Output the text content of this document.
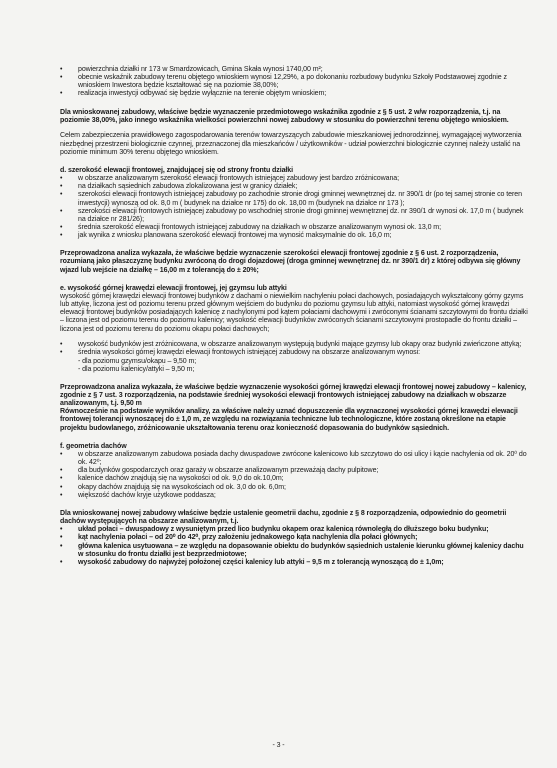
• powierzchnia działki nr 173 w Smardzowicach, Gmina Skała wynosi 1740,00 m²;
• obecnie wskaźnik zabudowy terenu objętego wnioskiem wynosi 12,29%, a po dokonaniu rozbudowy budynku Szkoły Podstawowej zgodnie z wnioskiem Inwestora będzie kształtować się na poziomie 38,00%;
• realizacja inwestycji odbywać się będzie wyłącznie na terenie objętym wnioskiem;

Dla wnioskowanej zabudowy, właściwe będzie wyznaczenie przedmiotowego wskaźnika zgodnie z § 5 ust. 2 w/w rozporządzenia, t.j. na poziomie 38,00%, jako innego wskaźnika wielkości powierzchni nowej zabudowy w stosunku do powierzchni terenu objętego wnioskiem.

Celem zabezpieczenia prawidłowego zagospodarowania terenów towarzyszących zabudowie mieszkaniowej jednorodzinnej, wymagającej wytworzenia niezbędnej przestrzeni biologicznie czynnej, przeznaczonej dla mieszkańców / użytkowników - udział powierzchni biologicznie czynnej należy ustalić na poziomie minimum 30% terenu objętego wnioskiem.

d. szerokość elewacji frontowej, znajdującej się od strony frontu działki

• w obszarze analizowanym szerokość elewacji frontowych istniejącej zabudowy jest bardzo zróżnicowana;
• na działkach sąsiednich zabudowa zlokalizowana jest w granicy działek;
• szerokości elewacji frontowych istniejącej zabudowy po zachodnie stronie drogi gminnej wewnętrznej dz. nr 390/1 dr (po tej samej stronie co teren inwestycji) wynoszą od ok. 8,0 m ( budynek na działce nr 175) do ok. 18,00 m (budynek na działce nr 173 );
• szerokości elewacji frontowych istniejącej zabudowy po wschodniej stronie drogi gminnej wewnętrznej dz. nr 390/1 dr wynosi ok. 17,0 m ( budynek na działce nr 281/26);
• średnia szerokość elewacji frontowych istniejącej zabudowy na działkach w obszarze analizowanym wynosi ok. 13,0 m;
• jak wynika z wniosku planowana szerokość elewacji frontowej ma wynosić maksymalnie do ok. 16,0 m;

Przeprowadzona analiza wykazała, że właściwe będzie wyznaczenie szerokości elewacji frontowej zgodnie z § 6 ust. 2 rozporządzenia, rozumianą jako płaszczyznę budynku zwróconą do drogi dojazdowej (droga gminnej wewnętrznej dz. nr 390/1 dr) z której odbywa się główny wjazd lub wejście na działkę – 16,00 m z tolerancją do ± 20%;

e. wysokość górnej krawędzi elewacji frontowej, jej gzymsu lub attyki

wysokość górnej krawędzi elewacji frontowej budynków z dachami o niewielkim nachyleniu połaci dachowych, posiadających wykształcony górny gzyms lub attykę, liczona jest od poziomu terenu przed głównym wejściem do budynku do poziomu gzymsu lub attyki, natomiast wysokość górnej krawędzi elewacji frontowej budynków posiadających kalenicę z nachylonymi pod kątem połaciami dachowymi i zwróconymi ścianami szczytowymi do frontu działki – liczona jest od poziomu terenu do poziomu kalenicy; wysokość elewacji budynków zwróconych ścianami szczytowymi prostopadle do frontu działki – liczona jest od poziomu terenu do poziomu okapu połaci dachowych;

• wysokość budynków jest zróżnicowana, w obszarze analizowanym występują budynki mające gzymsy lub okapy oraz budynki zwieńczone attyką;
• średnia wysokości górnej krawędzi elewacji frontowych istniejącej zabudowy na obszarze analizowanym wynosi:
- dla poziomu gzymsu/okapu – 9,50 m;
- dla poziomu kalenicy/attyki – 9,50 m;

Przeprowadzona analiza wykazała, że właściwe będzie wyznaczenie wysokości górnej krawędzi elewacji frontowej nowej zabudowy – kalenicy, zgodnie z § 7 ust. 3 rozporządzenia, na podstawie średniej wysokości elewacji frontowych istniejącej zabudowy na działkach w obszarze analizowanym, t.j. 9,50 m

Równocześnie na podstawie wyników analizy, za właściwe należy uznać dopuszczenie dla wyznaczonej wysokości górnej krawędzi elewacji frontowej tolerancji wynoszącej do ± 1,0 m, ze względu na rozwiązania techniczne lub technologiczne, które zostaną określone na etapie projektu budowlanego, zróżnicowanie ukształtowania terenu oraz konieczność dopasowania do budynków sąsiednich.

f. geometria dachów

• w obszarze analizowanym zabudowa posiada dachy dwuspadowe zwrócone kalenicowo lub szczytowo do osi ulicy i kącie nachylenia od ok. 20⁰ do ok. 42⁰;
• dla budynków gospodarczych oraz garaży w obszarze analizowanym przeważają dachy pulpitowe;
• kalenice dachów znajdują się na wysokości od ok. 9,0 do ok.10,0m;
• okapy dachów znajdują się na wysokościach od ok. 3,0 do ok. 6,0m;
• większość dachów kryje użytkowe poddasza;

Dla wnioskowanej nowej zabudowy właściwe będzie ustalenie geometrii dachu, zgodnie z § 8 rozporządzenia, odpowiednio do geometrii dachów występujących na obszarze analizowanym, t.j.

• układ połaci – dwuspadowy z wysuniętym przed lico budynku okapem oraz kalenicą równoległą do dłuższego boku budynku;
• kąt nachylenia połaci – od 20⁰ do 42⁰, przy założeniu jednakowego kąta nachylenia dla połaci głównych;
• główna kalenica usytuowana – ze względu na dopasowanie obiektu do budynków sąsiednich ustalenie kierunku głównej kalenicy dachu w stosunku do frontu działki jest bezprzedmiotowe;
• wysokość zabudowy do najwyżej położonej części kalenicy lub attyki – 9,5 m z tolerancją wynoszącą do ± 1,0m;
- 3 -
